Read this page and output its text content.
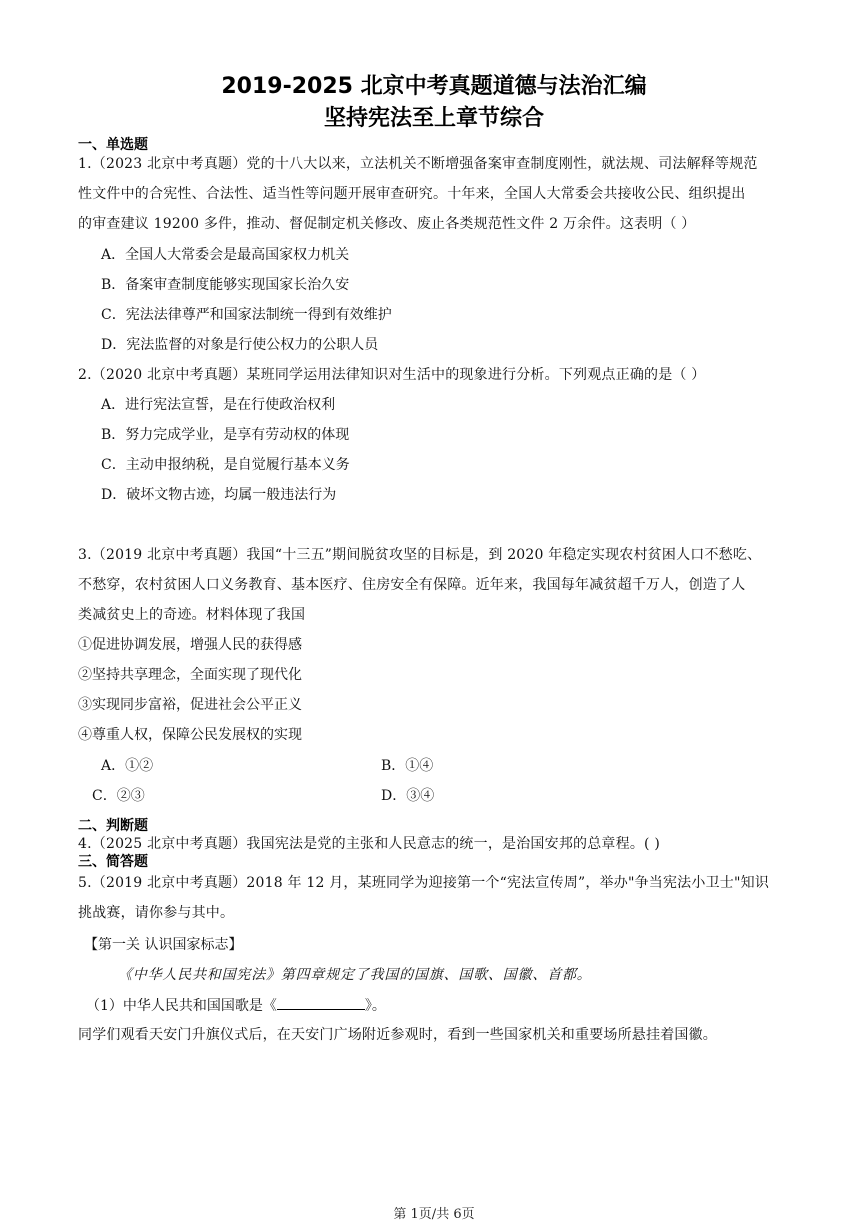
2019-2025 北京中考真题道德与法治汇编
坚持宪法至上章节综合
一、单选题
1.（2023 北京中考真题）党的十八大以来，立法机关不断增强备案审查制度刚性，就法规、司法解释等规范
性文件中的合宪性、合法性、适当性等问题开展审查研究。十年来，全国人大常委会共接收公民、组织提出
的审查建议 19200 多件，推动、督促制定机关修改、废止各类规范性文件 2 万余件。这表明（ ）
A．全国人大常委会是最高国家权力机关
B．备案审查制度能够实现国家长治久安
C．宪法法律尊严和国家法制统一得到有效维护
D．宪法监督的对象是行使公权力的公职人员
2.（2020 北京中考真题）某班同学运用法律知识对生活中的现象进行分析。下列观点正确的是（ ）
A．进行宪法宣誓，是在行使政治权利
B．努力完成学业，是享有劳动权的体现
C．主动申报纳税，是自觉履行基本义务
D．破坏文物古迹，均属一般违法行为
3.（2019 北京中考真题）我国“十三五”期间脱贫攻坚的目标是，到 2020 年稳定实现农村贫困人口不愁吃、
不愁穿，农村贫困人口义务教育、基本医疗、住房安全有保障。近年来，我国每年减贫超千万人，创造了人
类减贫史上的奇迹。材料体现了我国
①促进协调发展，增强人民的获得感
②坚持共享理念，全面实现了现代化
③实现同步富裕，促进社会公平正义
④尊重人权，保障公民发展权的实现
A．①②	B．①④
C．②③	D．③④
二、判断题
4.（2025 北京中考真题）我国宪法是党的主张和人民意志的统一，是治国安邦的总章程。( )
三、简答题
5.（2019 北京中考真题）2018 年 12 月，某班同学为迎接第一个“宪法宣传周”，举办"争当宪法小卫士"知识
挑战赛，请你参与其中。
【第一关 认识国家标志】
《中华人民共和国宪法》第四章规定了我国的国旗、国歌、国徽、首都。
（1）中华人民共和国国歌是《	》。
同学们观看天安门升旗仪式后，在天安门广场附近参观时，看到一些国家机关和重要场所悬挂着国徽。
第 1页/共 6页
